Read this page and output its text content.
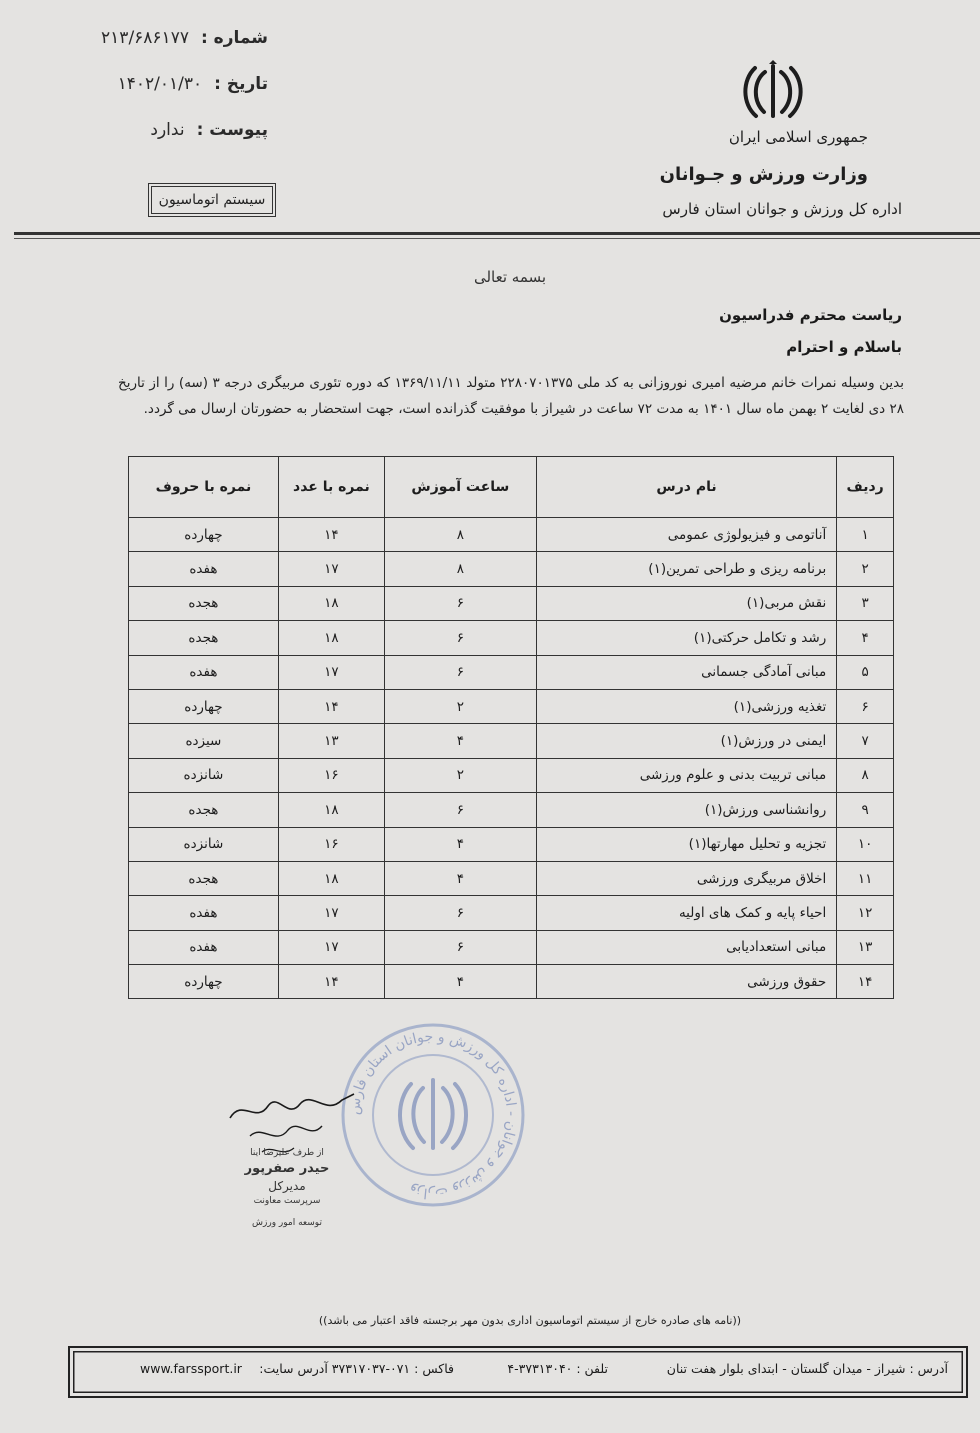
شماره :۲۱۳/۶۸۶۱۷۷
تاریخ :۱۴۰۲/۰۱/۳۰
پیوست :ندارد
سیستم اتوماسیون
جمهوری اسلامی ایران
وزارت ورزش و جـوانان
اداره کل ورزش و جوانان استان فارس
بسمه تعالی
ریاست محترم فدراسیون
باسلام و احترام
بدین وسیله نمرات خانم مرضیه امیری نوروزانی به کد ملی ۲۲۸۰۷۰۱۳۷۵ متولد ۱۳۶۹/۱۱/۱۱ که دوره تئوری مربیگری درجه ۳ (سه) را از تاریخ ۲۸ دی لغایت ۲ بهمن ماه سال ۱۴۰۱ به مدت ۷۲ ساعت در شیراز با موفقیت گذرانده است، جهت استحضار به حضورتان ارسال می گردد.
ردیف	نام درس	ساعت آموزش	نمره با عدد	نمره با حروف
۱	آناتومی و فیزیولوژی عمومی	۸	۱۴	چهارده
۲	برنامه ریزی و طراحی تمرین(۱)	۸	۱۷	هفده
۳	نقش مربی(۱)	۶	۱۸	هجده
۴	رشد و تکامل حرکتی(۱)	۶	۱۸	هجده
۵	مبانی آمادگی جسمانی	۶	۱۷	هفده
۶	تغذیه ورزشی(۱)	۲	۱۴	چهارده
۷	ایمنی در ورزش(۱)	۴	۱۳	سیزده
۸	مبانی تربیت بدنی و علوم ورزشی	۲	۱۶	شانزده
۹	روانشناسی ورزش(۱)	۶	۱۸	هجده
۱۰	تجزیه و تحلیل مهارتها(۱)	۴	۱۶	شانزده
۱۱	اخلاق مربیگری ورزشی	۴	۱۸	هجده
۱۲	احیاء پایه و کمک های اولیه	۶	۱۷	هفده
۱۳	مبانی استعدادیابی	۶	۱۷	هفده
۱۴	حقوق ورزشی	۴	۱۴	چهارده
وزارت ورزش و جوانان - اداره کل ورزش و جوانان استان فارس
از طرف علیرضا اینا
حیدر صفرپور
مدیرکل
سرپرست معاونت
توسعه امور ورزش
((نامه های صادره خارج از سیستم اتوماسیون اداری بدون مهر برجسته فاقد اعتبار می باشد))
آدرس : شیراز - میدان گلستان - ابتدای بلوار هفت تنان
تلفن : ۳۷۳۱۳۰۴۰-۴
فاکس : ۰۷۱-۳۷۳۱۷۰۳۷ آدرس سایت:
www.farssport.ir
